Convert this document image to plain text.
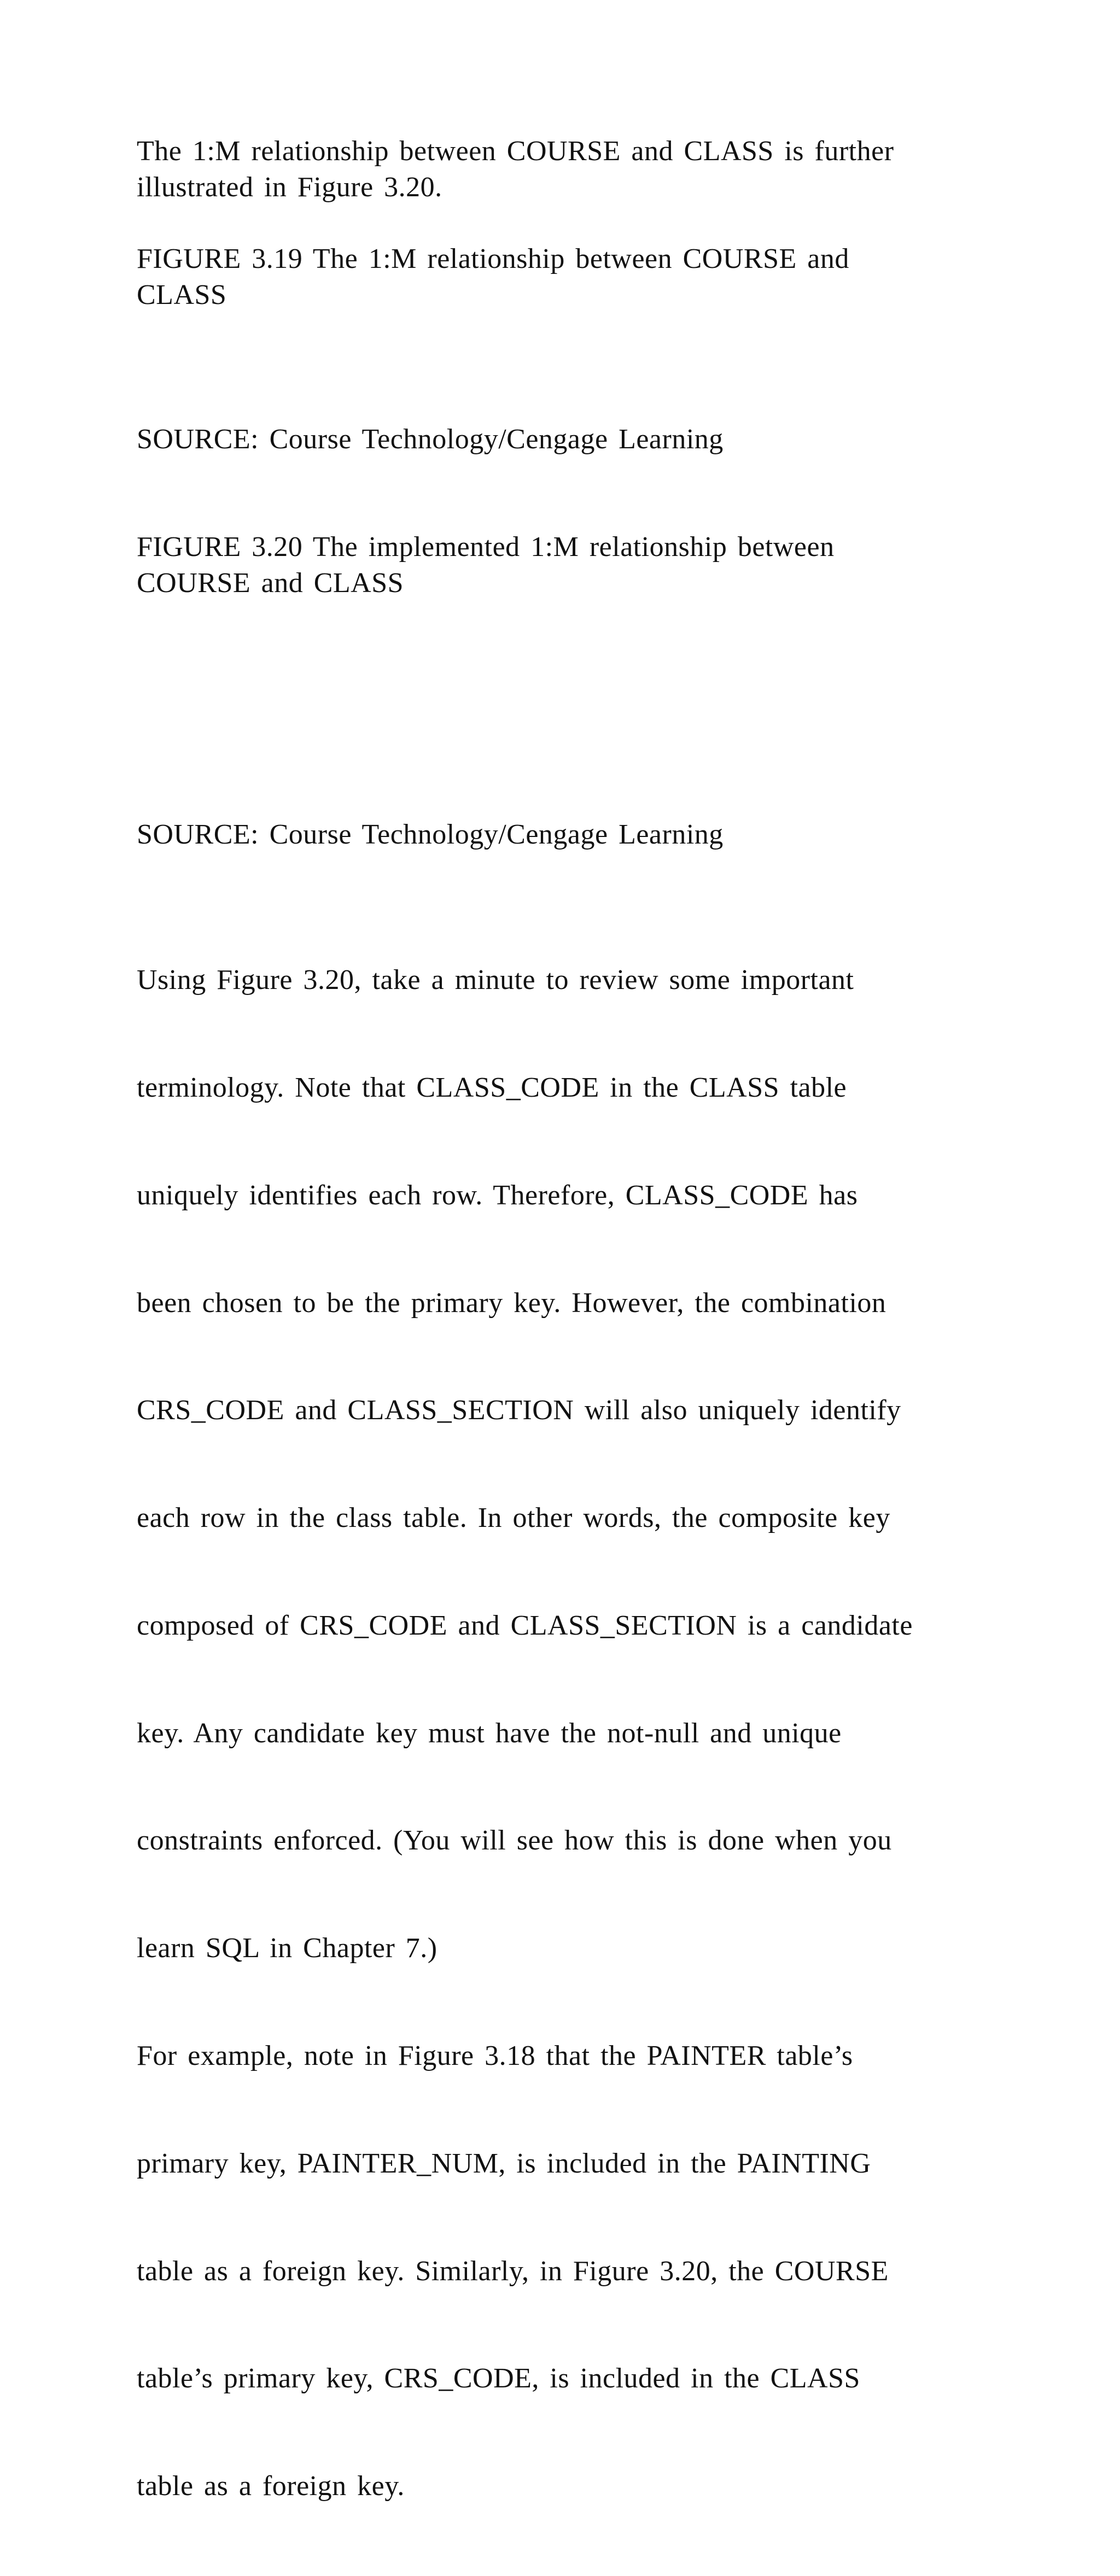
The 1:M relationship between COURSE and CLASS is further
illustrated in Figure 3.20.
FIGURE 3.19 The 1:M relationship between COURSE and
CLASS
SOURCE: Course Technology/Cengage Learning
FIGURE 3.20 The implemented 1:M relationship between
COURSE and CLASS
SOURCE: Course Technology/Cengage Learning

Using Figure 3.20, take a minute to review some important

terminology. Note that CLASS_CODE in the CLASS table

uniquely identifies each row. Therefore, CLASS_CODE has

been chosen to be the primary key. However, the combination

CRS_CODE and CLASS_SECTION will also uniquely identify

each row in the class table. In other words, the composite key

composed of CRS_CODE and CLASS_SECTION is a candidate

key. Any candidate key must have the not-null and unique

constraints enforced. (You will see how this is done when you

learn SQL in Chapter 7.)

For example, note in Figure 3.18 that the PAINTER table’s

primary key, PAINTER_NUM, is included in the PAINTING

table as a foreign key. Similarly, in Figure 3.20, the COURSE

table’s primary key, CRS_CODE, is included in the CLASS

table as a foreign key.
